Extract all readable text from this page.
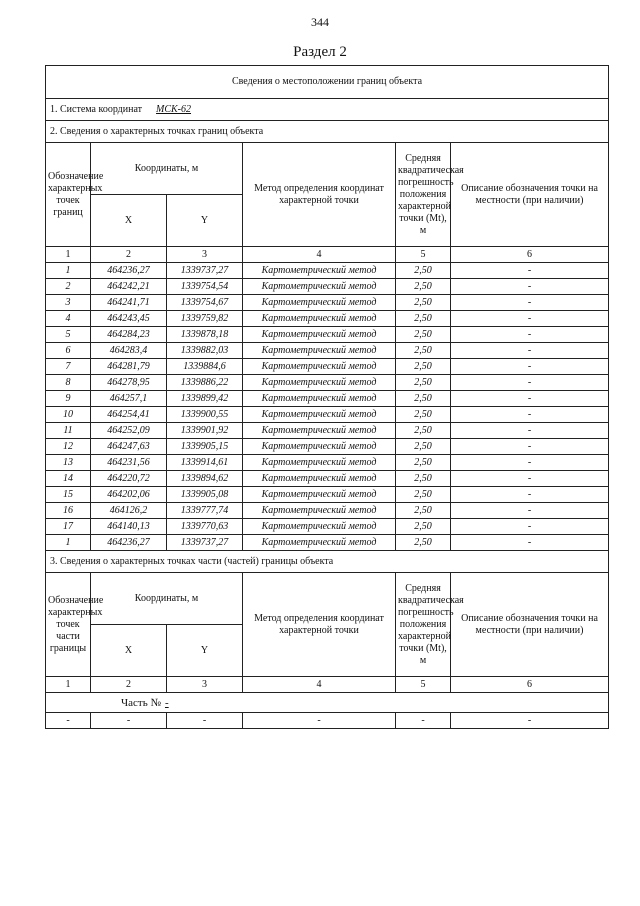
344
Раздел 2
Сведения о местоположении границ объекта					
1. Система координат МСК-62					
2. Сведения о характерных точках границ объекта					
Обозначение характерных точек границ	Координаты, м		Метод определения координат характерной точки	Средняя квадратическая погрешность положения характерной точки (Mt), м	Описание обозначения точки на местности (при наличии)
	X	Y			
1	2	3	4	5	6
1	464236,27	1339737,27	Картометрический метод	2,50	-
2	464242,21	1339754,54	Картометрический метод	2,50	-
3	464241,71	1339754,67	Картометрический метод	2,50	-
4	464243,45	1339759,82	Картометрический метод	2,50	-
5	464284,23	1339878,18	Картометрический метод	2,50	-
6	464283,4	1339882,03	Картометрический метод	2,50	-
7	464281,79	1339884,6	Картометрический метод	2,50	-
8	464278,95	1339886,22	Картометрический метод	2,50	-
9	464257,1	1339899,42	Картометрический метод	2,50	-
10	464254,41	1339900,55	Картометрический метод	2,50	-
11	464252,09	1339901,92	Картометрический метод	2,50	-
12	464247,63	1339905,15	Картометрический метод	2,50	-
13	464231,56	1339914,61	Картометрический метод	2,50	-
14	464220,72	1339894,62	Картометрический метод	2,50	-
15	464202,06	1339905,08	Картометрический метод	2,50	-
16	464126,2	1339777,74	Картометрический метод	2,50	-
17	464140,13	1339770,63	Картометрический метод	2,50	-
1	464236,27	1339737,27	Картометрический метод	2,50	-
3. Сведения о характерных точках части (частей) границы объекта					
Обозначение характерных точек части границы	Координаты, м		Метод определения координат характерной точки	Средняя квадратическая погрешность положения характерной точки (Mt), м	Описание обозначения точки на местности (при наличии)
	X	Y			
1	2	3	4	5	6
Часть № -					
-	-	-	-	-	-
